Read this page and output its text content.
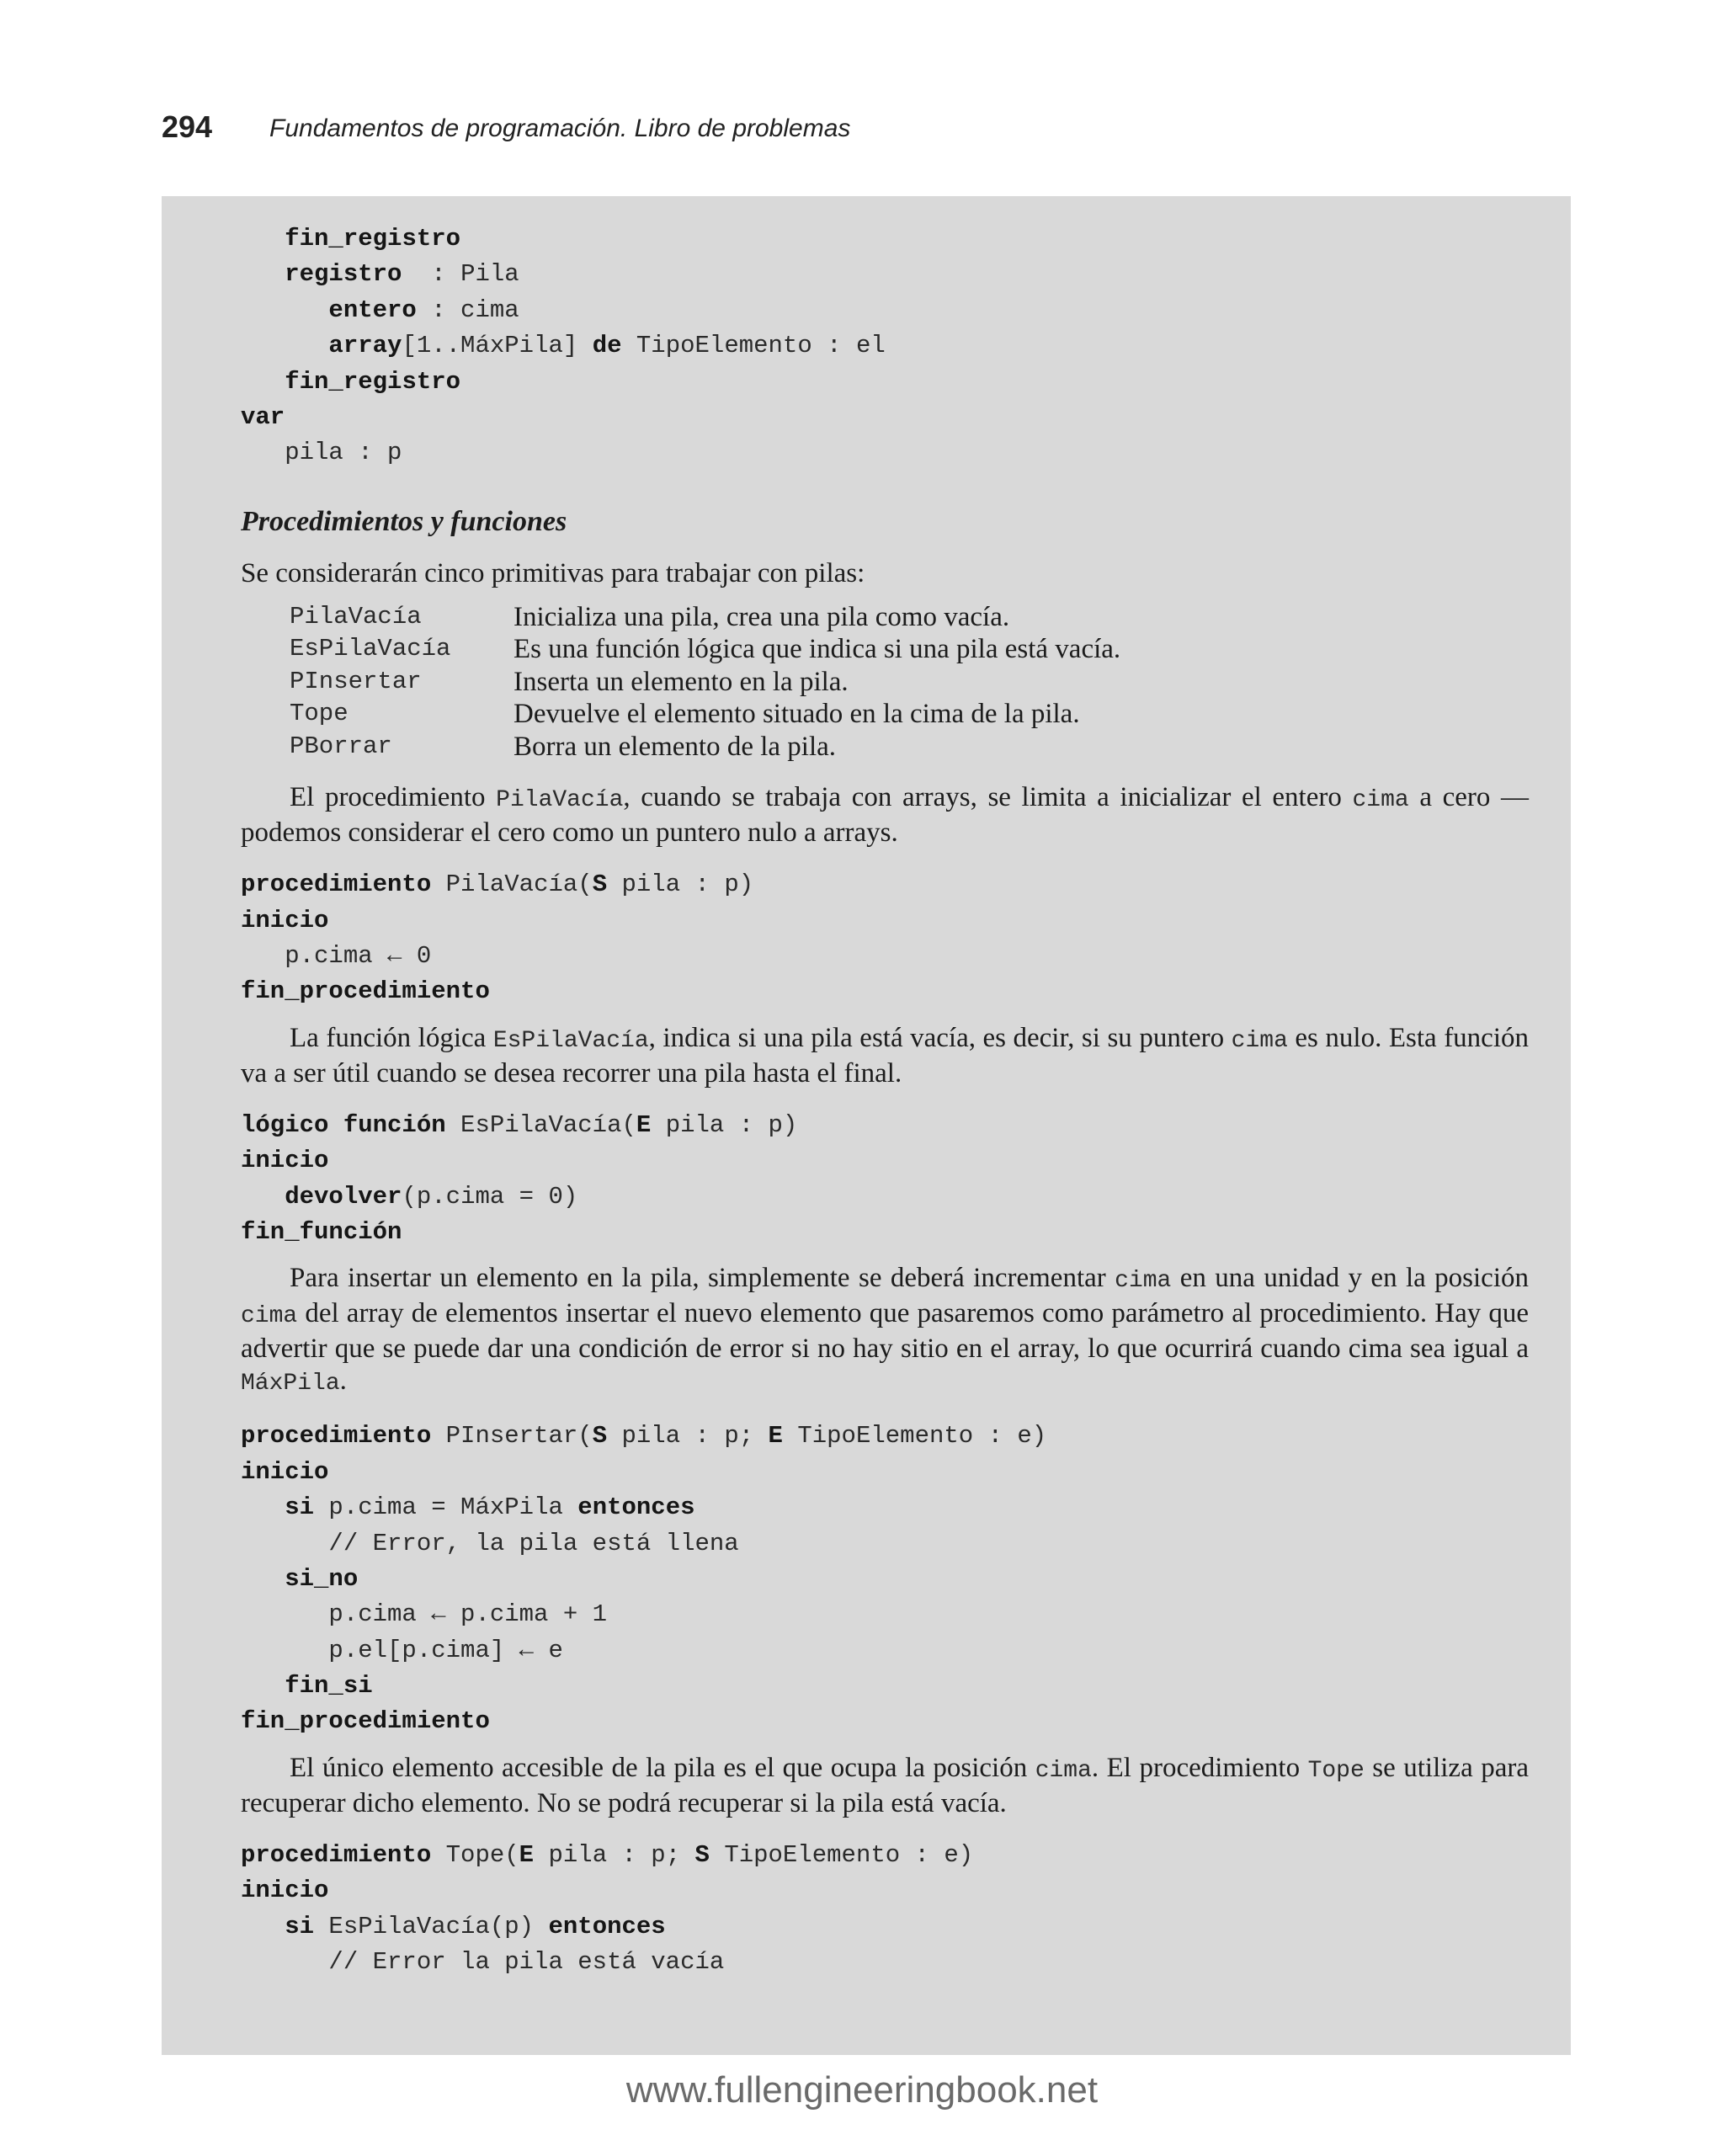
294 Fundamentos de programación. Libro de problemas
fin_registro
registro  : Pila
entero : cima
array[1..MáxPila] de TipoElemento : el
fin_registro
var
pila : p
Procedimientos y funciones

Se considerarán cinco primitivas para trabajar con pilas:

PilaVacía	Inicializa una pila, crea una pila como vacía.
EsPilaVacía	Es una función lógica que indica si una pila está vacía.
PInsertar	Inserta un elemento en la pila.
Tope	Devuelve el elemento situado en la cima de la pila.
PBorrar	Borra un elemento de la pila.

El procedimiento PilaVacía, cuando se trabaja con arrays, se limita a inicializar el entero cima a cero —podemos considerar el cero como un puntero nulo a arrays.

procedimiento PilaVacía(S pila : p)
inicio
p.cima ← 0
fin_procedimiento

La función lógica EsPilaVacía, indica si una pila está vacía, es decir, si su puntero cima es nulo. Esta función va a ser útil cuando se desea recorrer una pila hasta el final.

lógico función EsPilaVacía(E pila : p)
inicio
devolver(p.cima = 0)
fin_función

Para insertar un elemento en la pila, simplemente se deberá incrementar cima en una unidad y en la posición cima del array de elementos insertar el nuevo elemento que pasaremos como parámetro al procedimiento. Hay que advertir que se puede dar una condición de error si no hay sitio en el array, lo que ocurrirá cuando cima sea igual a MáxPila.

procedimiento PInsertar(S pila : p; E TipoElemento : e)
inicio
si p.cima = MáxPila entonces
// Error, la pila está llena
si_no
p.cima ← p.cima + 1
p.el[p.cima] ← e
fin_si
fin_procedimiento

El único elemento accesible de la pila es el que ocupa la posición cima. El procedimiento Tope se utiliza para recuperar dicho elemento. No se podrá recuperar si la pila está vacía.

procedimiento Tope(E pila : p; S TipoElemento : e)
inicio
si EsPilaVacía(p) entonces
// Error la pila está vacía
www.fullengineeringbook.net
